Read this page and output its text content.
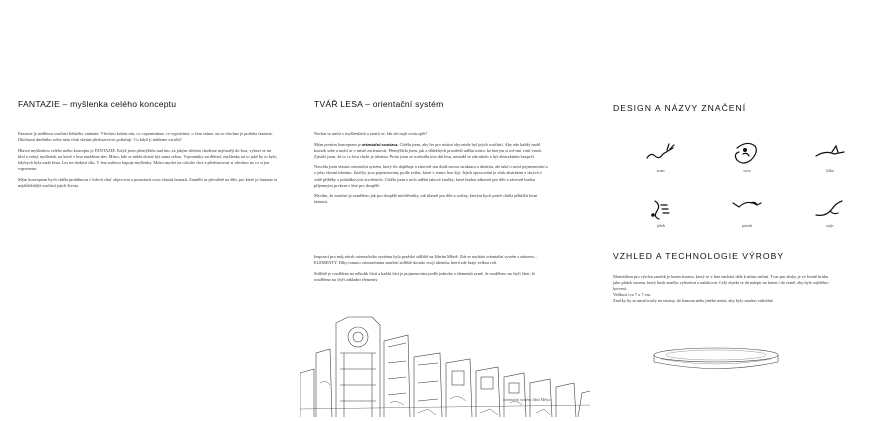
FANTAZIE – myšlenka celého konceptu

Fantazie je nedílnou součástí lidského vnímání. Všechno kolem nás, co vzpomínáme, co vyprávíme, o čem sníme, na to všechno je potřeba fantazie. Okolnosti dnešního světa nám však vlastní představivost potlačují. Co když jí můžeme vzrušit?

Hlavní myšlenkou celého mého konceptu je FANTAZIE. Když jsem přemýšlela nad tím, za jakým účelem chodíme nejčastěji do lesa, vybaví se mi klid a volný myšlenek, na které v lese narážíme tím. Místo, kde se můžu dostat být sama sebou. Vzpomínky na dětství, myšlenky na to jaké by to bylo, kdybych byla malá žena. Les mi dodává sílu. V lese máloco kupuje myšlenky. Moku myslet na cokoliv chci a představovat si všechno na co si jen vzpomenu.

Mým konceptem bych chtěla probíhnout v lidech chuť objevovat a pozastavit svou vlastní fantazii. Zaměřit se převážně na děti, pro které je fantazie ta nejdůležitější součástí jejich života.

TVÁŘ LESA – orientační systém

Nechat se unést v myšlenkách a ztratit se. Jak ale najít cestu zpět?

Mým prvním konceptem je orientační soustava. Chtěla jsem, aby les pro místní obyvatele byl jejich součástí. Aby zde každý mohl kousek sebe a mohl se v místě zorientovat. Přemýšlela jsem, jak z důležitých prostředí udělat místo, ke kterým si mí-stní vrátí vztah. Zjistila jsem, že to co lesu chybí je identita. Proto jsem se rozhodla toto dát lesu, neunikl se zde nikdo a být abstraktním bezpečí.

Navrhla jsem vlastní orientační systém, který les doplňuje a zároveň mu dodá novou strukturu a identitu, ale také o nová pojmenování a o jeho vlastní identitu. Značky jsou pojmenovány podle zvířat, které v tomto lese žijí. Jejich zpracování je však abstraktní a skrývá v sobě příběhy o pohádkových stvořeních. Chtěla jsem z nich udělat takové značky, které budou zábavné pro děti a zároveň budou příjemným prvkem v lese pro dospělé.

Myslím, že značení je zaměřeno jak pro dospělé návštěvníky, tak hlavně pro děti a rodiny, kterým bych právě chtěla přiblížit lesní fantazii.

Inspirací pro můj návrh orientačního systému bylo pražské sídliště na Jižním Městě. Zde se nachází orientační systém s názvem – ELEMENTY. Díky tomuto orientačnímu značení sídliště dostalo svoji identitu, která zde hraje velkou roli.

Sídliště je rozděleno na několik částí a každá část je pojmenována podle jednoho z elementů země. Je rozděleno na čtyři části. Je rozděleno na čtyři základní elementy.

orientační systém Jižní Město
DESIGN A NÁZVY ZNAČENÍ
srnec	sova	liška
ježek	pstruh	zajíc
VZHLED A TECHNOLOGIE VÝROBY

Materiálem pro výrobu značek je kmen stromu, který se v lese nachází dále k místu určení. Tvar pro desky je ve formě kruhu jako plátek stromu, který bude značka vyřezávat a nalakovat. Celý objekt se dá nalepit na kmen i do země, aby bylo zajištěno kotvení.

Velikost cca 7 x 7 cm.

Značky by se umisťovaly na stromy, do kanonu nebo jiného místa, aby byly snadno viditelné.
